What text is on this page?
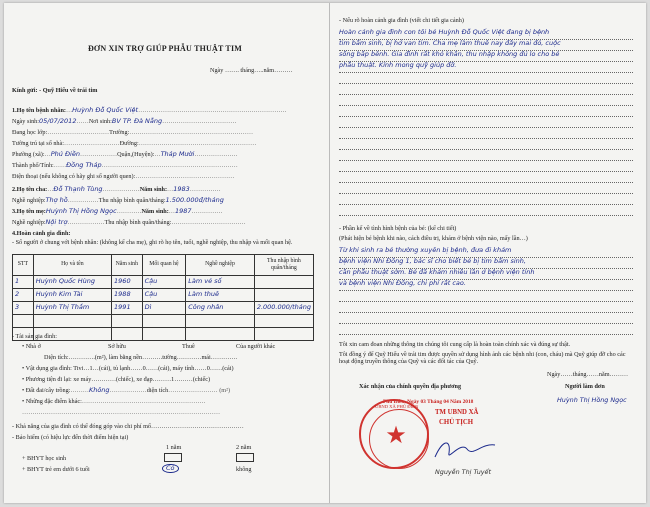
ĐƠN XIN TRỢ GIÚP PHẪU THUẬT TIM
Ngày ……. tháng…..năm………
Kính gửi: - Quỹ Hiểu về trái tim
1.Họ tên bệnh nhân:…Huỳnh Đỗ Quốc Việt………………………………………………………………
Ngày sinh:05/07/2012……Nơi sinh:BV TP. Đà Nẵng………………………………
Đang học lớp:…………………………Trường:……………………………………………………
Tường trú tại số nhà:………………………Đường:…………………………………………………
Phường (xã):…Phú Điền………………Quận,(Huyện):…Tháp Mười…………………
Thành phố/Tỉnh:……Đồng Tháp…………………………………………………………
Điện thoại (nếu không có hãy ghi số người quen):…………………………………………
2.Họ tên cha:…Đỗ Thạnh Tùng………………Năm sinh:…1983……………
Nghề nghiệp:Thợ hồ……………Thu nhập bình quân/tháng:1.500.000đ/tháng
3.Họ tên mẹ:Huỳnh Thị Hồng Ngọc…………Năm sinh:…1987……………
Nghề nghiệp:Nội trợ………………Thu nhập bình quân/tháng:………………………………
4.Hoàn cảnh gia đình:
- Số người ở chung với bệnh nhân: (không kể cha mẹ), ghi rõ họ tên, tuổi, nghề nghiệp, thu nhập và mối quan hệ.
STT	Họ và tên	Năm sinh	Mối quan hệ	Nghề nghiệp	Thu nhập bình quân/tháng
1	Huỳnh Quốc Hùng	1960	Cậu	Làm vé số	
2	Huỳnh Kim Tài	1988	Cậu	Làm thuê	
3	Huỳnh Thị Thắm	1991	Dì	Công nhân	2.000.000/tháng

- Tài sản gia đình:
• Nhà ở	Sở hữu	Thuê	Của người khác
Diện tích:………….(m²), làm bằng nền……….tường…………mái………….
• Vật dụng gia đình: Tivi…1…(cái), tủ lạnh……0……(cái), máy tính……0……(cái)
• Phương tiện đi lại: xe máy…………(chiếc), xe đạp………1………(chiếc)
• Đất đai/cây trồng:………Không………………diện tích…………………… (m²)
• Những đặc điểm khác:……………………………………………………
……………………………………………………………………………………
- Khả năng của gia đình có thể đóng góp vào chi phí mổ………………………………………
- Bảo hiểm (có hiệu lực đến thời điểm hiện tại)
1 năm	2 năm
+ BHYT học sinh
+ BHYT trẻ em dưới 6 tuổi	Có	không
- Nếu rõ hoàn cảnh gia đình (viết chi tiết gia cảnh)
Hoàn cảnh gia đình con tôi bé Huỳnh Đỗ Quốc Việt đang bị bệnh
tim bẩm sinh, bị hở van tim. Cha mẹ làm thuê nay đây mai đó, cuộc
sống bấp bênh. Gia đình rất khó khăn, thu nhập không đủ lo cho bé
phẫu thuật. Kính mong quỹ giúp đỡ.
- Phần kể về tình hình bệnh của bé: (kể chi tiết)
(Phát hiện bé bệnh khi nào, cách điều trị, khám ở bệnh viện nào, mấy lần…)
Từ khi sinh ra bé thường xuyên bị bệnh, đưa đi khám
bệnh viện Nhi Đồng 1, bác sĩ cho biết bé bị tim bẩm sinh,
cần phẫu thuật sớm. Bé đã khám nhiều lần ở bệnh viện tỉnh
và bệnh viện Nhi Đồng, chi phí rất cao.
Tôi xin cam đoan những thông tin chúng tôi cung cấp là hoàn toàn chính xác và đúng sự thật.
Tôi đồng ý để Quỹ Hiểu về trái tim được quyền sử dụng hình ảnh các bệnh nhi (con, cháu) mà Quỹ giúp đỡ cho các hoạt động truyền thông của Quỹ và các đối tác của Quỹ.
Ngày……tháng……năm………
Xác nhận của chính quyền địa phương	Người làm đơn
Huỳnh Thị Hồng Ngọc
Phú Điền, Ngày 03 Tháng 04 Năm 2018
TM UBND XÃ
CHỦ TỊCH
★
UBND XÃ PHÚ ĐIỀN
Nguyễn Thị Tuyết
